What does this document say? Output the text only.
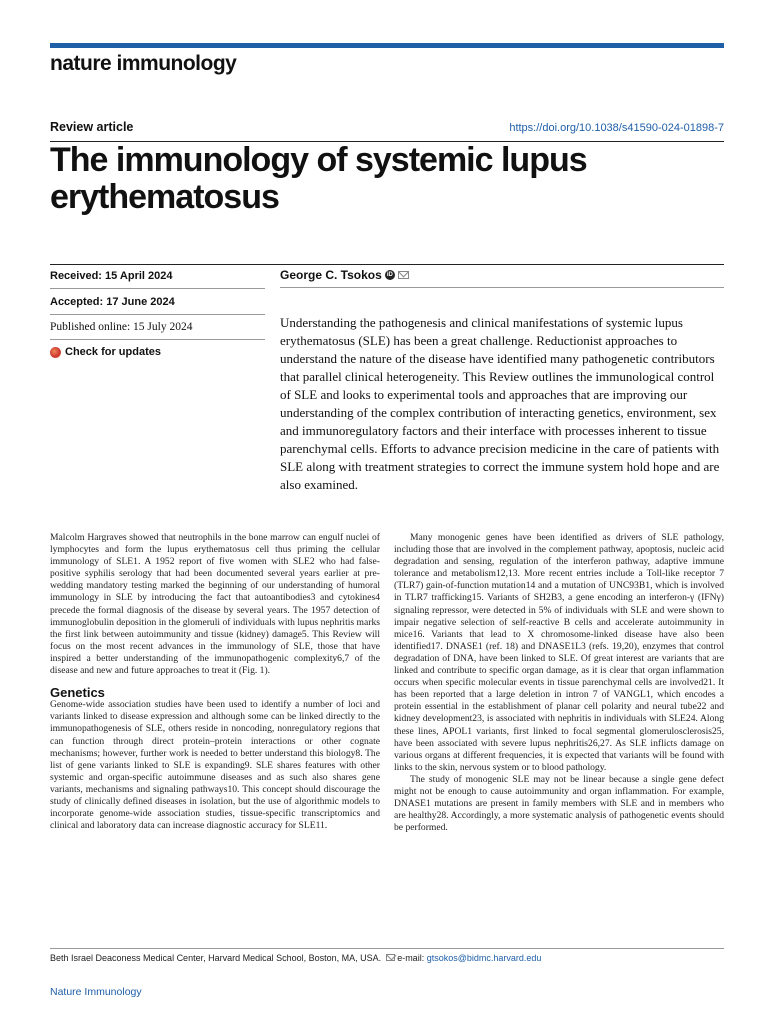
nature immunology
Review article	https://doi.org/10.1038/s41590-024-01898-7
The immunology of systemic lupus erythematosus
Received: 15 April 2024
Accepted: 17 June 2024
Published online: 15 July 2024
Check for updates
George C. Tsokos iD
Understanding the pathogenesis and clinical manifestations of systemic lupus erythematosus (SLE) has been a great challenge. Reductionist approaches to understand the nature of the disease have identified many pathogenetic contributors that parallel clinical heterogeneity. This Review outlines the immunological control of SLE and looks to experimental tools and approaches that are improving our understanding of the complex contribution of interacting genetics, environment, sex and immunoregulatory factors and their interface with processes inherent to tissue parenchymal cells. Efforts to advance precision medicine in the care of patients with SLE along with treatment strategies to correct the immune system hold hope and are also examined.

Malcolm Hargraves showed that neutrophils in the bone marrow can engulf nuclei of lymphocytes and form the lupus erythematosus cell thus priming the cellular immunology of SLE1. A 1952 report of five women with SLE2 who had false-positive syphilis serology that had been documented several years earlier at pre-wedding mandatory testing marked the beginning of our understanding of humoral immunology in SLE by introducing the fact that autoantibodies3 and cytokines4 precede the formal diagnosis of the disease by several years. The 1957 detection of immunoglobulin deposition in the glomeruli of individuals with lupus nephritis marks the first link between autoimmunity and tissue (kidney) damage5. This Review will focus on the most recent advances in the immunology of SLE, those that have inspired a better understanding of the immunopathogenic complexity6,7 of the disease and new and future approaches to treat it (Fig. 1).

Genetics

Genome-wide association studies have been used to identify a number of loci and variants linked to disease expression and although some can be linked directly to the immunopathogenesis of SLE, others reside in noncoding, nonregulatory regions that can function through direct protein–protein interactions or other cognate mechanisms; however, further work is needed to better understand this biology8. The list of gene variants linked to SLE is expanding9. SLE shares features with other systemic and organ-specific autoimmune diseases and as such also shares gene variants, mechanisms and signaling pathways10. This concept should discourage the study of clinically defined diseases in isolation, but the use of algorithmic models to incorporate genome-wide association studies, tissue-specific transcriptomics and clinical and laboratory data can increase diagnostic accuracy for SLE11.

Many monogenic genes have been identified as drivers of SLE pathology, including those that are involved in the complement pathway, apoptosis, nucleic acid degradation and sensing, regulation of the interferon pathway, adaptive immune tolerance and metabolism12,13. More recent entries include a Toll-like receptor 7 (TLR7) gain-of-function mutation14 and a mutation of UNC93B1, which is involved in TLR7 trafficking15. Variants of SH2B3, a gene encoding an interferon-γ (IFNγ) signaling repressor, were detected in 5% of individuals with SLE and were shown to impair negative selection of self-reactive B cells and accelerate autoimmunity in mice16. Variants that lead to X chromosome-linked disease have also been identified17. DNASE1 (ref. 18) and DNASE1L3 (refs. 19,20), enzymes that control degradation of DNA, have been linked to SLE. Of great interest are variants that are linked and contribute to specific organ damage, as it is clear that organ inflammation occurs when specific molecular events in tissue parenchymal cells are involved21. It has been reported that a large deletion in intron 7 of VANGL1, which encodes a protein essential in the establishment of planar cell polarity and neural tube22 and kidney development23, is associated with nephritis in individuals with SLE24. Along these lines, APOL1 variants, first linked to focal segmental glomerulosclerosis25, have been associated with severe lupus nephritis26,27. As SLE inflicts damage on various organs at different frequencies, it is expected that variants will be found with links to the skin, nervous system or to blood pathology.

The study of monogenic SLE may not be linear because a single gene defect might not be enough to cause autoimmunity and organ inflammation. For example, DNASE1 mutations are present in family members with SLE and in members who are healthy28. Accordingly, a more systematic analysis of pathogenetic events should be performed.

Beth Israel Deaconess Medical Center, Harvard Medical School, Boston, MA, USA. e-mail: gtsokos@bidmc.harvard.edu
Nature Immunology
